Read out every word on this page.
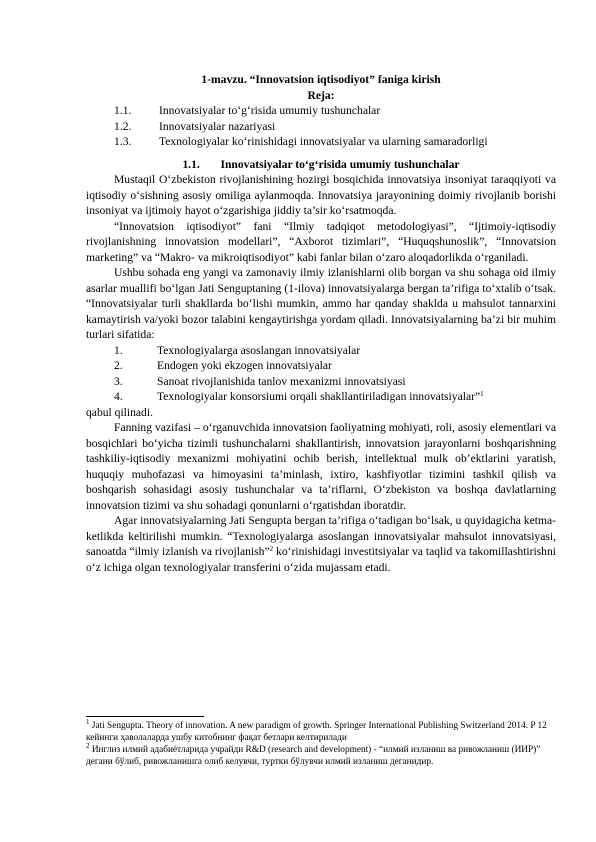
1-mavzu. “Innovatsion iqtisodiyot” faniga kirish

Reja:

1.1.	Innovatsiyalar to‘g‘risida umumiy tushunchalar
1.2.	Innovatsiyalar nazariyasi
1.3.	Texnologiyalar ko‘rinishidagi innovatsiyalar va ularning samaradorligi

1.1. Innovatsiyalar to‘g‘risida umumiy tushunchalar

Mustaqil O‘zbekiston rivojlanishining hozirgi bosqichida innovatsiya insoniyat taraqqiyoti va iqtisodiy o‘sishning asosiy omiliga aylanmoqda. Innovatsiya jarayonining doimiy rivojlanib borishi insoniyat va ijtimoiy hayot o‘zgarishiga jiddiy ta’sir ko‘rsatmoqda.

“Innovatsion iqtisodiyot” fani “Ilmiy tadqiqot metodologiyasi”, “Ijtimoiy-iqtisodiy rivojlanishning innovatsion modellari”, “Axborot tizimlari”, “Huquqshunoslik”, “Innovatsion marketing” va “Makro- va mikroiqtisodiyot” kabi fanlar bilan o‘zaro aloqadorlikda o‘rganiladi.

Ushbu sohada eng yangi va zamonaviy ilmiy izlanishlarni olib borgan va shu sohaga oid ilmiy asarlar muallifi bo‘lgan Jati Senguptaning (1-ilova) innovatsiyalarga bergan ta’rifiga to‘xtalib o‘tsak. “Innovatsiyalar turli shakllarda bo‘lishi mumkin, ammo har qanday shaklda u mahsulot tannarxini kamaytirish va/yoki bozor talabini kengaytirishga yordam qiladi. Innovatsiyalarning ba’zi bir muhim turlari sifatida:

1.	Texnologiyalarga asoslangan innovatsiyalar
2.	Endogen yoki ekzogen innovatsiyalar
3.	Sanoat rivojlanishida tanlov mexanizmi innovatsiyasi
4.	Texnologiyalar konsorsiumi orqali shakllantiriladigan innovatsiyalar”$^1$

qabul qilinadi.

Fanning vazifasi – o‘rganuvchida innovatsion faoliyatning mohiyati, roli, asosiy elementlari va bosqichlari bo‘yicha tizimli tushunchalarni shakllantirish, innovatsion jarayonlarni boshqarishning tashkiliy-iqtisodiy mexanizmi mohiyatini ochib berish, intellektual mulk ob’ektlarini yaratish, huquqiy muhofazasi va himoyasini ta’minlash, ixtiro, kashfiyotlar tizimini tashkil qilish va boshqarish sohasidagi asosiy tushunchalar va ta’riflarni, O‘zbekiston va boshqa davlatlarning innovatsion tizimi va shu sohadagi qonunlarni o‘rgatishdan iboratdir.

Agar innovatsiyalarning Jati Sengupta bergan ta’rifiga o‘tadigan bo‘lsak, u quyidagicha ketma-ketlikda keltirilishi mumkin. “Texnologiyalarga asoslangan innovatsiyalar mahsulot innovatsiyasi, sanoatda “ilmiy izlanish va rivojlanish”$^2$ ko‘rinishidagi investitsiyalar va taqlid va takomillashtirishni o‘z ichiga olgan texnologiyalar transferini o‘zida mujassam etadi.

$^1$ Jati Sengupta. Theory of innovation. A new paradigm of growth. Springer International Publishing Switzerland 2014. P 12 кейинги ҳаволаларда ушбу китобнинг фақат бетлари келтирилади

$^2$ Инглиз илмий адабиётларида учрайди R&D (research and development) - “илмий изланиш ва ривожланиш (ИИР)” дегани бўлиб, ривожланишга олиб келувчи, туртки бўлувчи илмий изланиш деганидир.
